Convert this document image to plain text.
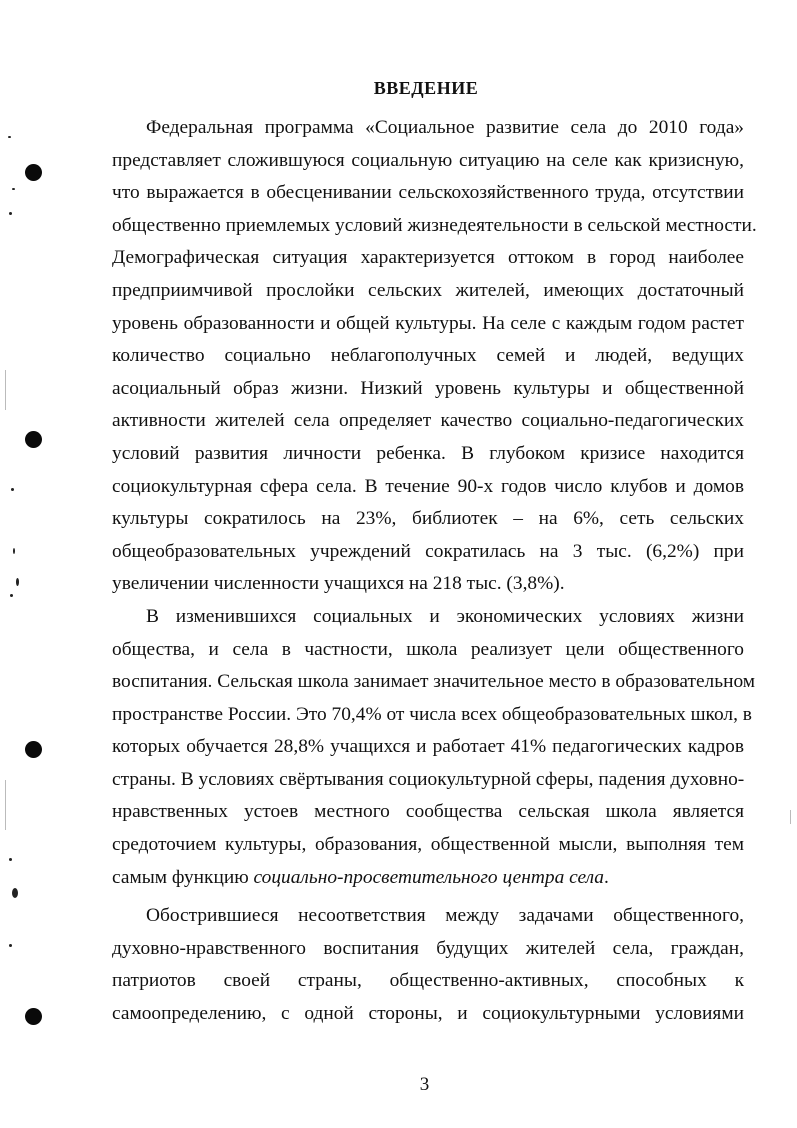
ВВЕДЕНИЕ
Федеральная программа «Социальное развитие села до 2010 года»
представляет сложившуюся социальную ситуацию на селе как кризисную,
что выражается в обесценивании сельскохозяйственного труда, отсутствии
общественно приемлемых условий жизнедеятельности в сельской местности.
Демографическая ситуация характеризуется оттоком в город наиболее
предприимчивой прослойки сельских жителей, имеющих достаточный
уровень образованности и общей культуры. На селе с каждым годом растет
количество социально неблагополучных семей и людей, ведущих
асоциальный образ жизни. Низкий уровень культуры и общественной
активности жителей села определяет качество социально-педагогических
условий развития личности ребенка. В глубоком кризисе находится
социокультурная сфера села. В течение 90-х годов число клубов и домов
культуры сократилось на 23%, библиотек – на 6%, сеть сельских
общеобразовательных учреждений сократилась на 3 тыс. (6,2%) при
увеличении численности учащихся на 218 тыс. (3,8%).
В изменившихся социальных и экономических условиях жизни
общества, и села в частности, школа реализует цели общественного
воспитания. Сельская школа занимает значительное место в образовательном
пространстве России. Это 70,4% от числа всех общеобразовательных школ, в
которых обучается 28,8% учащихся и работает 41% педагогических кадров
страны. В условиях свёртывания социокультурной сферы, падения духовно-
нравственных устоев местного сообщества сельская школа является
средоточием культуры, образования, общественной мысли, выполняя тем
самым функцию социально-просветительного центра села.
Обострившиеся несоответствия между задачами общественного,
духовно-нравственного воспитания будущих жителей села, граждан,
патриотов своей страны, общественно-активных, способных к
самоопределению, с одной стороны, и социокультурными условиями
3
